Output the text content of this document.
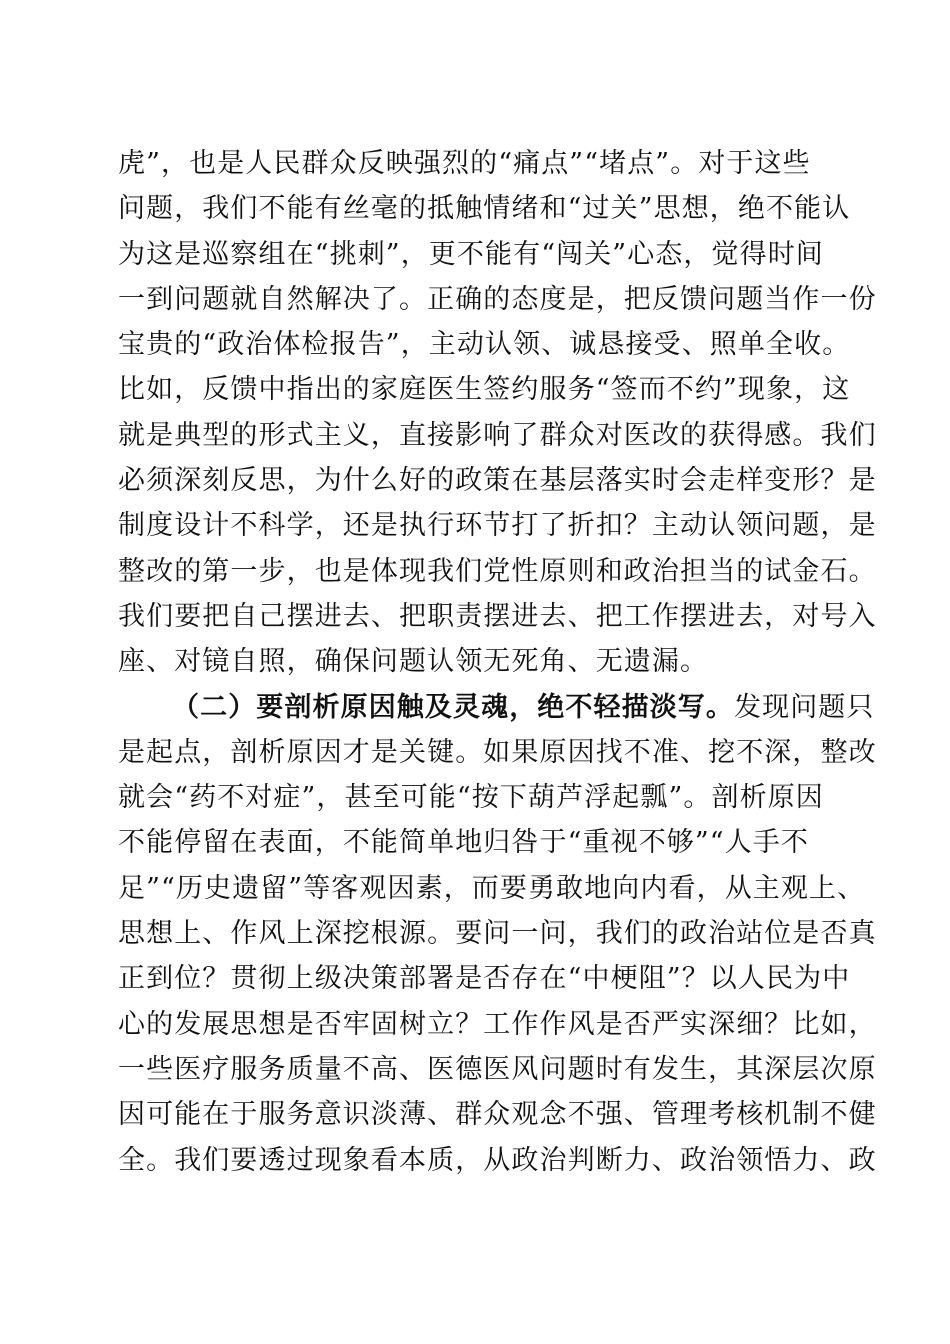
虎”，也是人民群众反映强烈的“痛点”“堵点”。对于这些
问题，我们不能有丝毫的抵触情绪和“过关”思想，绝不能认
为这是巡察组在“挑刺”，更不能有“闯关”心态，觉得时间
一到问题就自然解决了。正确的态度是，把反馈问题当作一份
宝贵的“政治体检报告”，主动认领、诚恳接受、照单全收。
比如，反馈中指出的家庭医生签约服务“签而不约”现象，这
就是典型的形式主义，直接影响了群众对医改的获得感。我们
必须深刻反思，为什么好的政策在基层落实时会走样变形？是
制度设计不科学，还是执行环节打了折扣？主动认领问题，是
整改的第一步，也是体现我们党性原则和政治担当的试金石。
我们要把自己摆进去、把职责摆进去、把工作摆进去，对号入
座、对镜自照，确保问题认领无死角、无遗漏。
（二）要剖析原因触及灵魂，绝不轻描淡写。发现问题只
是起点，剖析原因才是关键。如果原因找不准、挖不深，整改
就会“药不对症”，甚至可能“按下葫芦浮起瓢”。剖析原因
不能停留在表面，不能简单地归咎于“重视不够”“人手不
足”“历史遗留”等客观因素，而要勇敢地向内看，从主观上、
思想上、作风上深挖根源。要问一问，我们的政治站位是否真
正到位？贯彻上级决策部署是否存在“中梗阻”？以人民为中
心的发展思想是否牢固树立？工作作风是否严实深细？比如，
一些医疗服务质量不高、医德医风问题时有发生，其深层次原
因可能在于服务意识淡薄、群众观念不强、管理考核机制不健
全。我们要透过现象看本质，从政治判断力、政治领悟力、政
